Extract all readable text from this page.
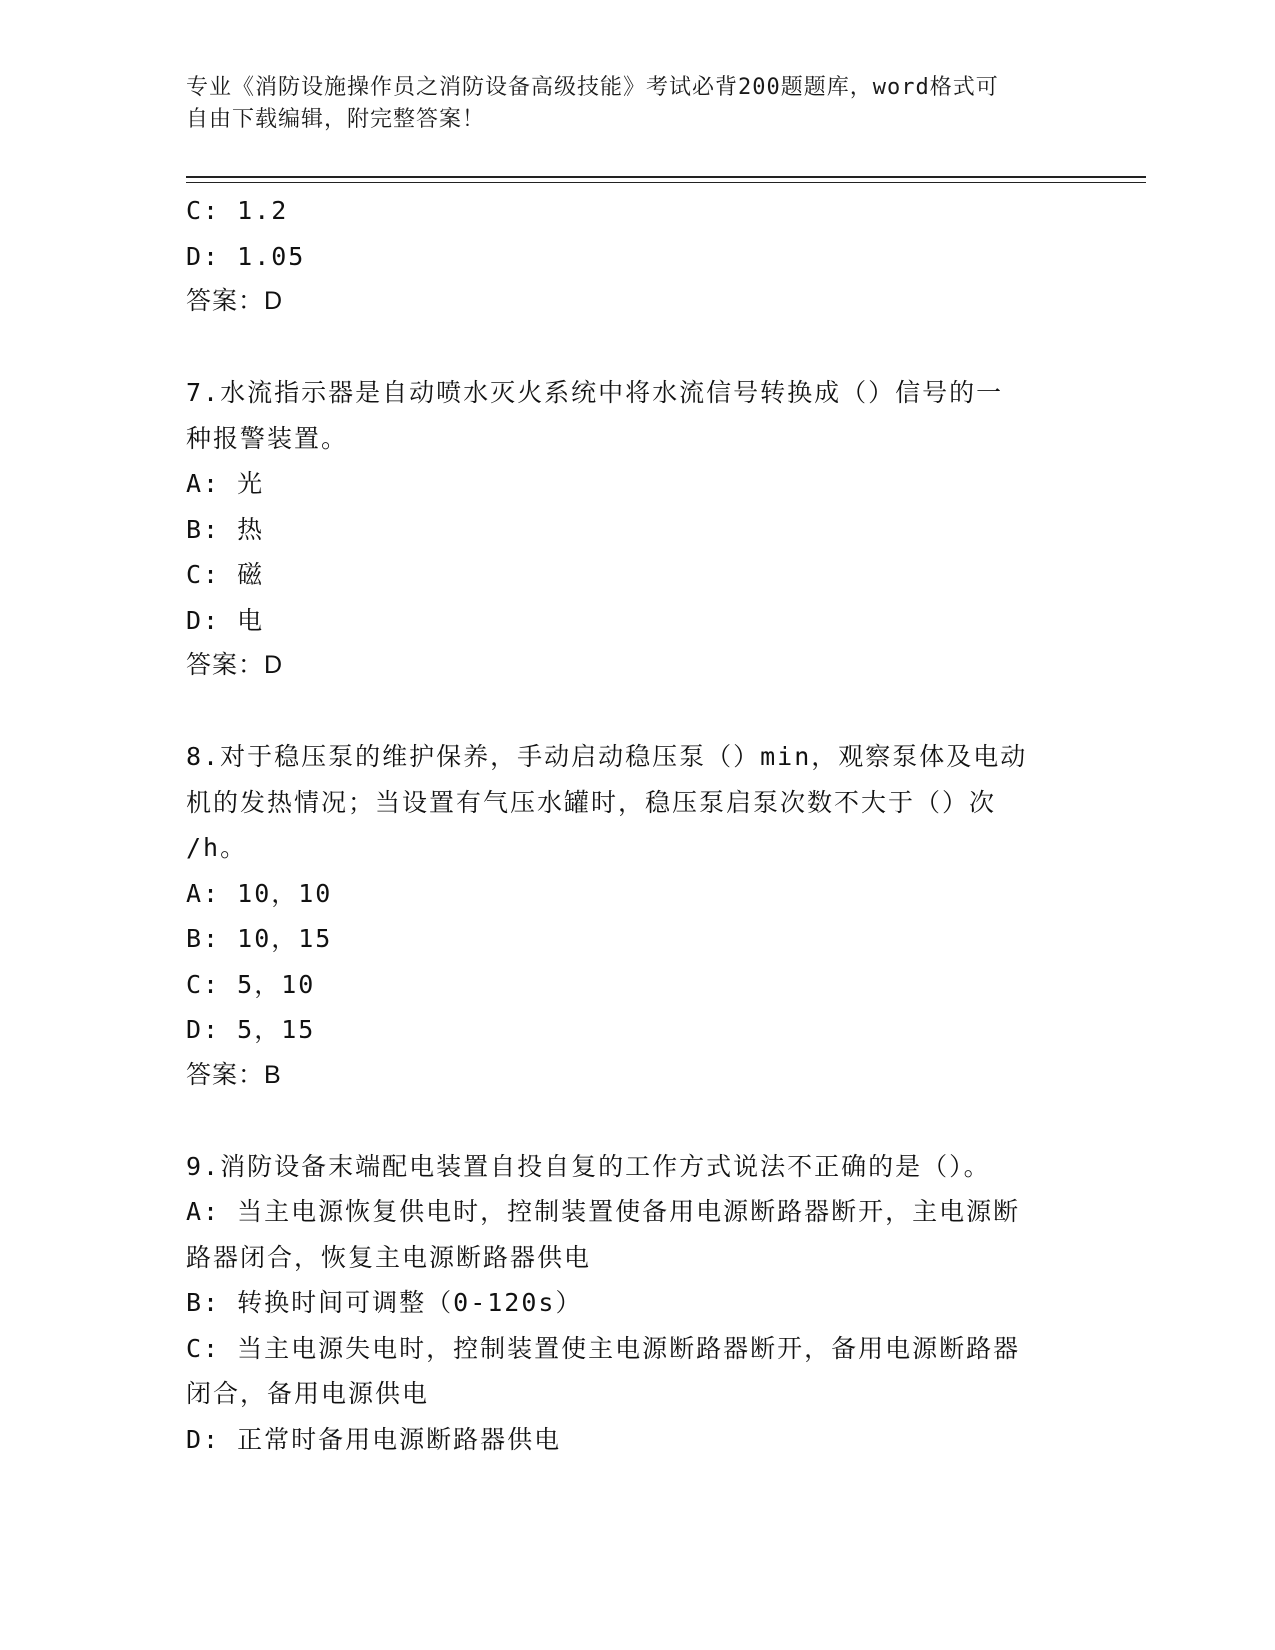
专业《消防设施操作员之消防设备高级技能》考试必背200题题库，word格式可
自由下载编辑，附完整答案！
C: 1.2
D: 1.05
答案：D
7.水流指示器是自动喷水灭火系统中将水流信号转换成（）信号的一
种报警装置。
A: 光
B: 热
C: 磁
D: 电
答案：D
8.对于稳压泵的维护保养，手动启动稳压泵（）min，观察泵体及电动
机的发热情况；当设置有气压水罐时，稳压泵启泵次数不大于（）次
/h。
A: 10，10
B: 10，15
C: 5，10
D: 5，15
答案：B
9.消防设备末端配电装置自投自复的工作方式说法不正确的是（）。
A: 当主电源恢复供电时，控制装置使备用电源断路器断开，主电源断
路器闭合，恢复主电源断路器供电
B: 转换时间可调整（0-120s）
C: 当主电源失电时，控制装置使主电源断路器断开，备用电源断路器
闭合，备用电源供电
D: 正常时备用电源断路器供电
